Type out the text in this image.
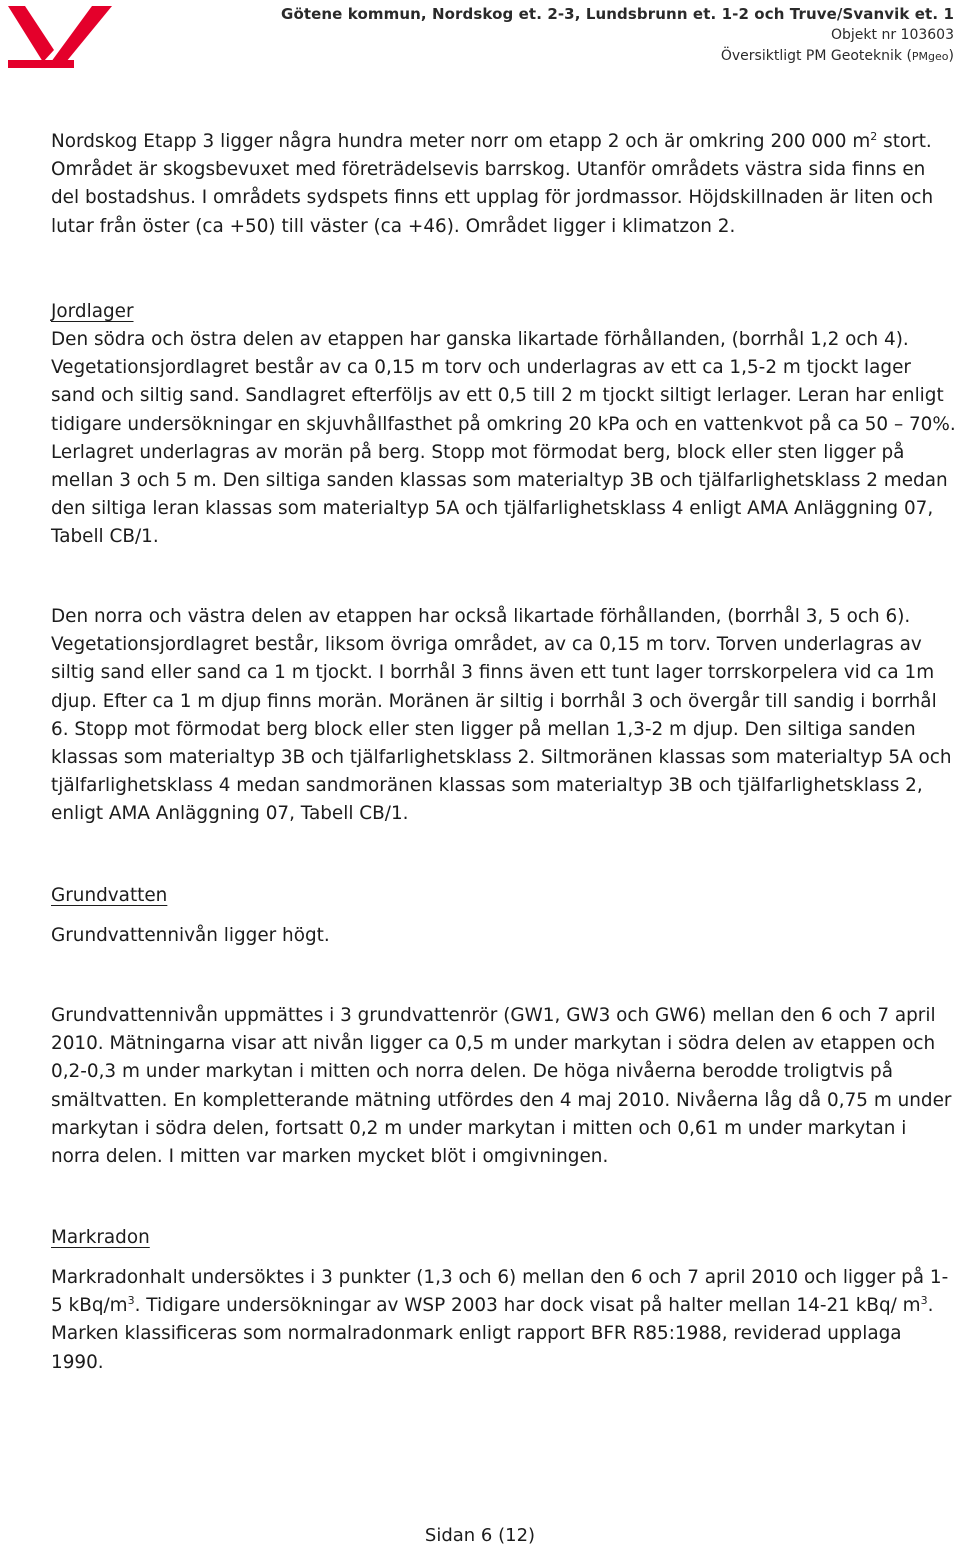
Götene kommun, Nordskog et. 2-3, Lundsbrunn et. 1-2 och Truve/Svanvik et. 1
Objekt nr 103603
Översiktligt PM Geoteknik (PMgeo)
Nordskog Etapp 3 ligger några hundra meter norr om etapp 2 och är omkring 200 000 $m^2$ stort. Området är skogsbevuxet med företrädelsevis barrskog. Utanför områdets västra sida finns en del bostadshus. I områdets sydspets finns ett upplag för jordmassor. Höjdskillnaden är liten och lutar från öster (ca +50) till väster (ca +46). Området ligger i klimatzon 2.
Jordlager
Den södra och östra delen av etappen har ganska likartade förhållanden, (borrhål 1,2 och 4). Vegetationsjordlagret består av ca 0,15 m torv och underlagras av ett ca 1,5-2 m tjockt lager sand och siltig sand. Sandlagret efterföljs av ett 0,5 till 2 m tjockt siltigt lerlager. Leran har enligt tidigare undersökningar en skjuvhållfasthet på omkring 20 kPa och en vattenkvot på ca 50 – 70%. Lerlagret underlagras av morän på berg. Stopp mot förmodat berg, block eller sten ligger på mellan 3 och 5 m. Den siltiga sanden klassas som materialtyp 3B och tjälfarlighetsklass 2 medan den siltiga leran klassas som materialtyp 5A och tjälfarlighetsklass 4 enligt AMA Anläggning 07, Tabell CB/1.
Den norra och västra delen av etappen har också likartade förhållanden, (borrhål 3, 5 och 6). Vegetationsjordlagret består, liksom övriga området, av ca 0,15 m torv. Torven underlagras av siltig sand eller sand ca 1 m tjockt. I borrhål 3 finns även ett tunt lager torrskorpelera vid ca 1m djup. Efter ca 1 m djup finns morän. Moränen är siltig i borrhål 3 och övergår till sandig i borrhål 6. Stopp mot förmodat berg block eller sten ligger på mellan 1,3-2 m djup. Den siltiga sanden klassas som materialtyp 3B och tjälfarlighetsklass 2. Siltmoränen klassas som materialtyp 5A och tjälfarlighetsklass 4 medan sandmoränen klassas som materialtyp 3B och tjälfarlighetsklass 2, enligt AMA Anläggning 07, Tabell CB/1.
Grundvatten
Grundvattennivån ligger högt.
Grundvattennivån uppmättes i 3 grundvattenrör (GW1, GW3 och GW6) mellan den 6 och 7 april 2010. Mätningarna visar att nivån ligger ca 0,5 m under markytan i södra delen av etappen och 0,2-0,3 m under markytan i mitten och norra delen. De höga nivåerna berodde troligtvis på smältvatten. En kompletterande mätning utfördes den 4 maj 2010. Nivåerna låg då 0,75 m under markytan i södra delen, fortsatt 0,2 m under markytan i mitten och 0,61 m under markytan i norra delen. I mitten var marken mycket blöt i omgivningen.
Markradon
Markradonhalt undersöktes i 3 punkter (1,3 och 6) mellan den 6 och 7 april 2010 och ligger på 1-5 kBq/$m^3$. Tidigare undersökningar av WSP 2003 har dock visat på halter mellan 14-21 kBq/ $m^3$. Marken klassificeras som normalradonmark enligt rapport BFR R85:1988, reviderad upplaga 1990.
Sidan 6 (12)
